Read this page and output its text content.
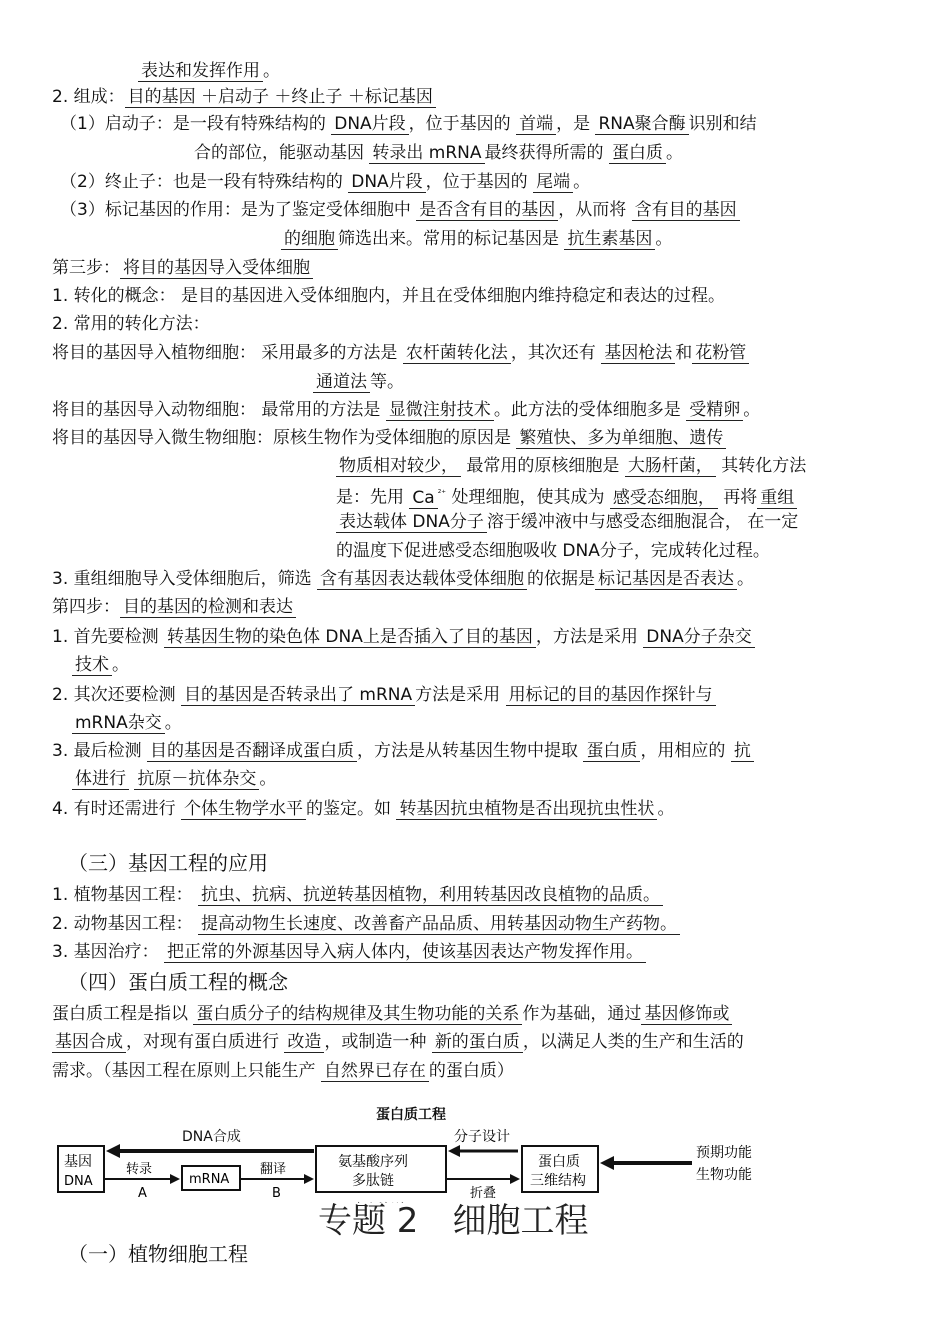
表达和发挥作用 。
2. 组成： 目的基因 ＋启动子 ＋终止子 ＋标记基因
（1）启动子：是一段有特殊结构的 DNA片段 ，位于基因的 首端 ，是 RNA聚合酶 识别和结
合的部位，能驱动基因 转录出 mRNA 最终获得所需的 蛋白质 。
（2）终止子：也是一段有特殊结构的 DNA片段 ，位于基因的 尾端 。
（3）标记基因的作用：是为了鉴定受体细胞中 是否含有目的基因 ，从而将 含有目的基因
的细胞 筛选出来。常用的标记基因是 抗生素基因 。
第三步： 将目的基因导入受体细胞
1. 转化的概念： 是目的基因进入受体细胞内，并且在受体细胞内维持稳定和表达的过程。
2. 常用的转化方法：
将目的基因导入植物细胞： 采用最多的方法是 农杆菌转化法 ，其次还有 基因枪法 和 花粉管
通道法 等。
将目的基因导入动物细胞： 最常用的方法是 显微注射技术 。此方法的受体细胞多是 受精卵 。
将目的基因导入微生物细胞：原核生物作为受体细胞的原因是 繁殖快、多为单细胞、遗传
物质相对较少， 最常用的原核细胞是 大肠杆菌， 其转化方法
是：先用 Ca $^{^{2+}}$ 处理细胞，使其成为 感受态细胞， 再将 重组
表达载体 DNA分子 溶于缓冲液中与感受态细胞混合， 在一定
的温度下促进感受态细胞吸收 DNA分子，完成转化过程。
3. 重组细胞导入受体细胞后，筛选 含有基因表达载体受体细胞 的依据是 标记基因是否表达 。
第四步： 目的基因的检测和表达
1. 首先要检测 转基因生物的染色体 DNA上是否插入了目的基因 ，方法是采用 DNA分子杂交
技术 。
2. 其次还要检测 目的基因是否转录出了 mRNA 方法是采用 用标记的目的基因作探针与
mRNA杂交 。
3. 最后检测 目的基因是否翻译成蛋白质 ，方法是从转基因生物中提取 蛋白质 ，用相应的 抗
体进行 抗原－抗体杂交 。
4. 有时还需进行 个体生物学水平 的鉴定。如 转基因抗虫植物是否出现抗虫性状 。
（三）基因工程的应用
1. 植物基因工程： 抗虫、抗病、抗逆转基因植物，利用转基因改良植物的品质。
2. 动物基因工程： 提高动物生长速度、改善畜产品品质、用转基因动物生产药物。
3. 基因治疗： 把正常的外源基因导入病人体内，使该基因表达产物发挥作用。
（四）蛋白质工程的概念
蛋白质工程是指以 蛋白质分子的结构规律及其生物功能的关系 作为基础，通过 基因修饰或
基因合成 ，对现有蛋白质进行 改造 ，或制造一种 新的蛋白质 ，以满足人类的生产和生活的
需求。（基因工程在原则上只能生产 自然界已存在 的蛋白质）
（一）植物细胞工程
蛋白质工程
DNA合成
基因
DNA
转录
A
mRNA
翻译
B
氨基酸序列
多肽链
分子设计
折叠
蛋白质
三维结构
预期功能
生物功能
专题 2　细胞工程
